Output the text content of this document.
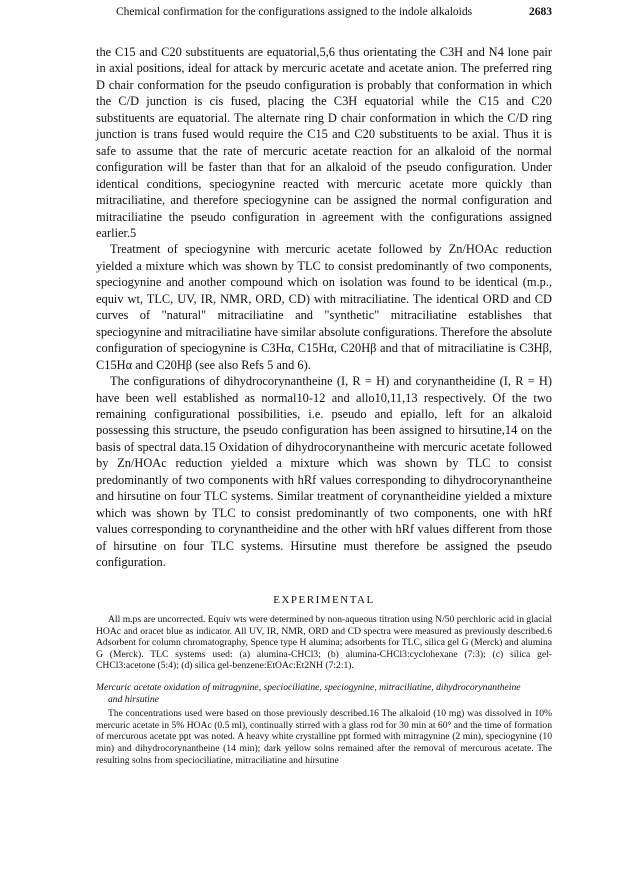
Chemical confirmation for the configurations assigned to the indole alkaloids	2683

the C15 and C20 substituents are equatorial,5,6 thus orientating the C3H and N4 lone pair in axial positions, ideal for attack by mercuric acetate and acetate anion. The preferred ring D chair conformation for the pseudo configuration is probably that conformation in which the C/D junction is cis fused, placing the C3H equatorial while the C15 and C20 substituents are equatorial. The alternate ring D chair conformation in which the C/D ring junction is trans fused would require the C15 and C20 substituents to be axial. Thus it is safe to assume that the rate of mercuric acetate reaction for an alkaloid of the normal configuration will be faster than that for an alkaloid of the pseudo configuration. Under identical conditions, speciogynine reacted with mercuric acetate more quickly than mitraciliatine, and therefore speciogynine can be assigned the normal configuration and mitraciliatine the pseudo configuration in agreement with the configurations assigned earlier.5

Treatment of speciogynine with mercuric acetate followed by Zn/HOAc reduction yielded a mixture which was shown by TLC to consist predominantly of two components, speciogynine and another compound which on isolation was found to be identical (m.p., equiv wt, TLC, UV, IR, NMR, ORD, CD) with mitraciliatine. The identical ORD and CD curves of "natural" mitraciliatine and "synthetic" mitraciliatine establishes that speciogynine and mitraciliatine have similar absolute configurations. Therefore the absolute configuration of speciogynine is C3Hα, C15Hα, C20Hβ and that of mitraciliatine is C3Hβ, C15Hα and C20Hβ (see also Refs 5 and 6).

The configurations of dihydrocorynantheine (I, R = H) and corynantheidine (I, R = H) have been well established as normal10-12 and allo10,11,13 respectively. Of the two remaining configurational possibilities, i.e. pseudo and epiallo, left for an alkaloid possessing this structure, the pseudo configuration has been assigned to hirsutine,14 on the basis of spectral data.15 Oxidation of dihydrocorynantheine with mercuric acetate followed by Zn/HOAc reduction yielded a mixture which was shown by TLC to consist predominantly of two components with hRf values corresponding to dihydrocorynantheine and hirsutine on four TLC systems. Similar treatment of corynantheidine yielded a mixture which was shown by TLC to consist predominantly of two components, one with hRf values corresponding to corynantheidine and the other with hRf values different from those of hirsutine on four TLC systems. Hirsutine must therefore be assigned the pseudo configuration.

EXPERIMENTAL

All m.ps are uncorrected. Equiv wts were determined by non-aqueous titration using N/50 perchloric acid in glacial HOAc and oracet blue as indicator. All UV, IR, NMR, ORD and CD spectra were measured as previously described.6 Adsorbent for column chromatography, Spence type H alumina; adsorbents for TLC, silica gel G (Merck) and alumina G (Merck). TLC systems used: (a) alumina-CHCl3; (b) alumina-CHCl3:cyclohexane (7:3); (c) silica gel-CHCl3:acetone (5:4); (d) silica gel-benzene:EtOAc:Et2NH (7:2:1).

Mercuric acetate oxidation of mitragynine, speciociliatine, speciogynine, mitraciliatine, dihydrocorynantheine
and hirsutine

The concentrations used were based on those previously described.16 The alkaloid (10 mg) was dissolved in 10% mercuric acetate in 5% HOAc (0.5 ml), continually stirred with a glass rod for 30 min at 60° and the time of formation of mercurous acetate ppt was noted. A heavy white crystalline ppt formed with mitragynine (2 min), speciogynine (10 min) and dihydrocorynantheine (14 min); dark yellow solns remained after the removal of mercurous acetate. The resulting solns from speciociliatine, mitraciliatine and hirsutine
